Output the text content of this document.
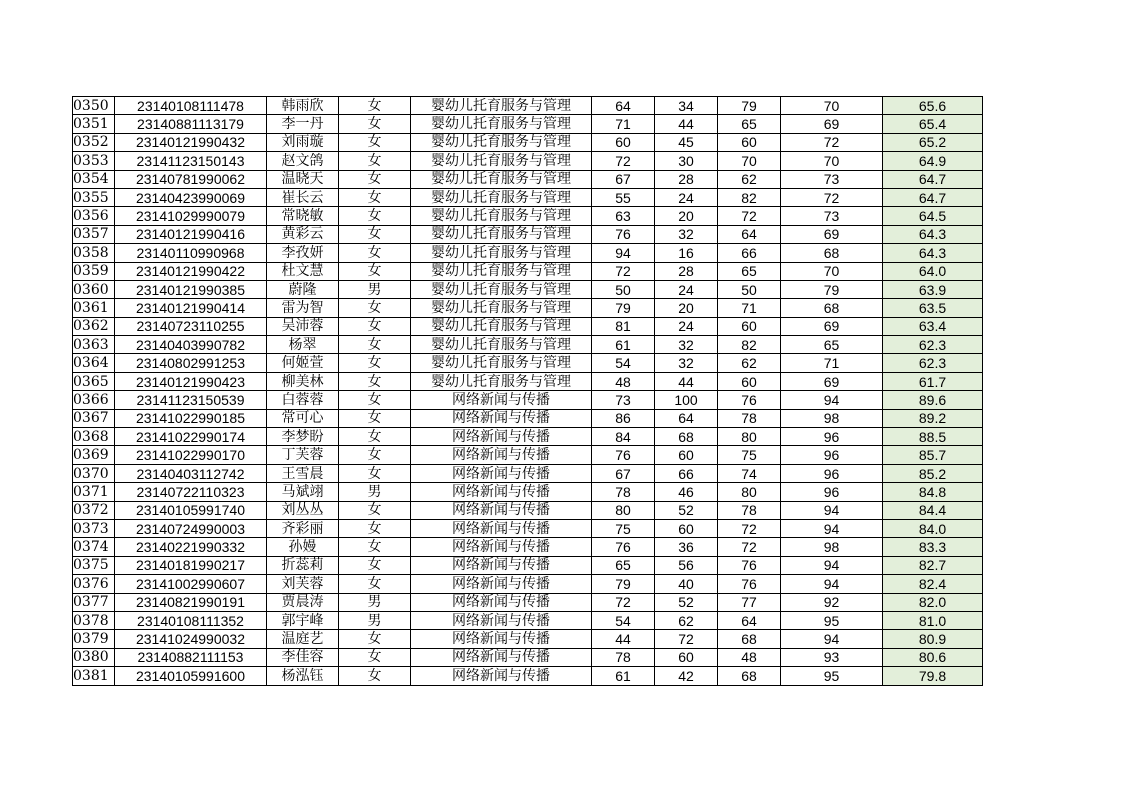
0350	23140108111478	韩雨欣	女	婴幼儿托育服务与管理	64	34	79	70	65.6
0351	23140881113179	李一丹	女	婴幼儿托育服务与管理	71	44	65	69	65.4
0352	23140121990432	刘雨璇	女	婴幼儿托育服务与管理	60	45	60	72	65.2
0353	23141123150143	赵文鸽	女	婴幼儿托育服务与管理	72	30	70	70	64.9
0354	23140781990062	温晓天	女	婴幼儿托育服务与管理	67	28	62	73	64.7
0355	23140423990069	崔长云	女	婴幼儿托育服务与管理	55	24	82	72	64.7
0356	23141029990079	常晓敏	女	婴幼儿托育服务与管理	63	20	72	73	64.5
0357	23140121990416	黄彩云	女	婴幼儿托育服务与管理	76	32	64	69	64.3
0358	23140110990968	李孜妍	女	婴幼儿托育服务与管理	94	16	66	68	64.3
0359	23140121990422	杜文慧	女	婴幼儿托育服务与管理	72	28	65	70	64.0
0360	23140121990385	蔚隆	男	婴幼儿托育服务与管理	50	24	50	79	63.9
0361	23140121990414	雷为智	女	婴幼儿托育服务与管理	79	20	71	68	63.5
0362	23140723110255	吴沛蓉	女	婴幼儿托育服务与管理	81	24	60	69	63.4
0363	23140403990782	杨翠	女	婴幼儿托育服务与管理	61	32	82	65	62.3
0364	23140802991253	何姬萱	女	婴幼儿托育服务与管理	54	32	62	71	62.3
0365	23140121990423	柳美林	女	婴幼儿托育服务与管理	48	44	60	69	61.7
0366	23141123150539	白蓉蓉	女	网络新闻与传播	73	100	76	94	89.6
0367	23141022990185	常可心	女	网络新闻与传播	86	64	78	98	89.2
0368	23141022990174	李梦盼	女	网络新闻与传播	84	68	80	96	88.5
0369	23141022990170	丁芙蓉	女	网络新闻与传播	76	60	75	96	85.7
0370	23140403112742	王雪晨	女	网络新闻与传播	67	66	74	96	85.2
0371	23140722110323	马斌翊	男	网络新闻与传播	78	46	80	96	84.8
0372	23140105991740	刘丛丛	女	网络新闻与传播	80	52	78	94	84.4
0373	23140724990003	齐彩丽	女	网络新闻与传播	75	60	72	94	84.0
0374	23140221990332	孙嫚	女	网络新闻与传播	76	36	72	98	83.3
0375	23140181990217	折蕊莉	女	网络新闻与传播	65	56	76	94	82.7
0376	23141002990607	刘芙蓉	女	网络新闻与传播	79	40	76	94	82.4
0377	23140821990191	贾晨涛	男	网络新闻与传播	72	52	77	92	82.0
0378	23140108111352	郭宇峰	男	网络新闻与传播	54	62	64	95	81.0
0379	23141024990032	温庭艺	女	网络新闻与传播	44	72	68	94	80.9
0380	23140882111153	李佳容	女	网络新闻与传播	78	60	48	93	80.6
0381	23140105991600	杨泓钰	女	网络新闻与传播	61	42	68	95	79.8
